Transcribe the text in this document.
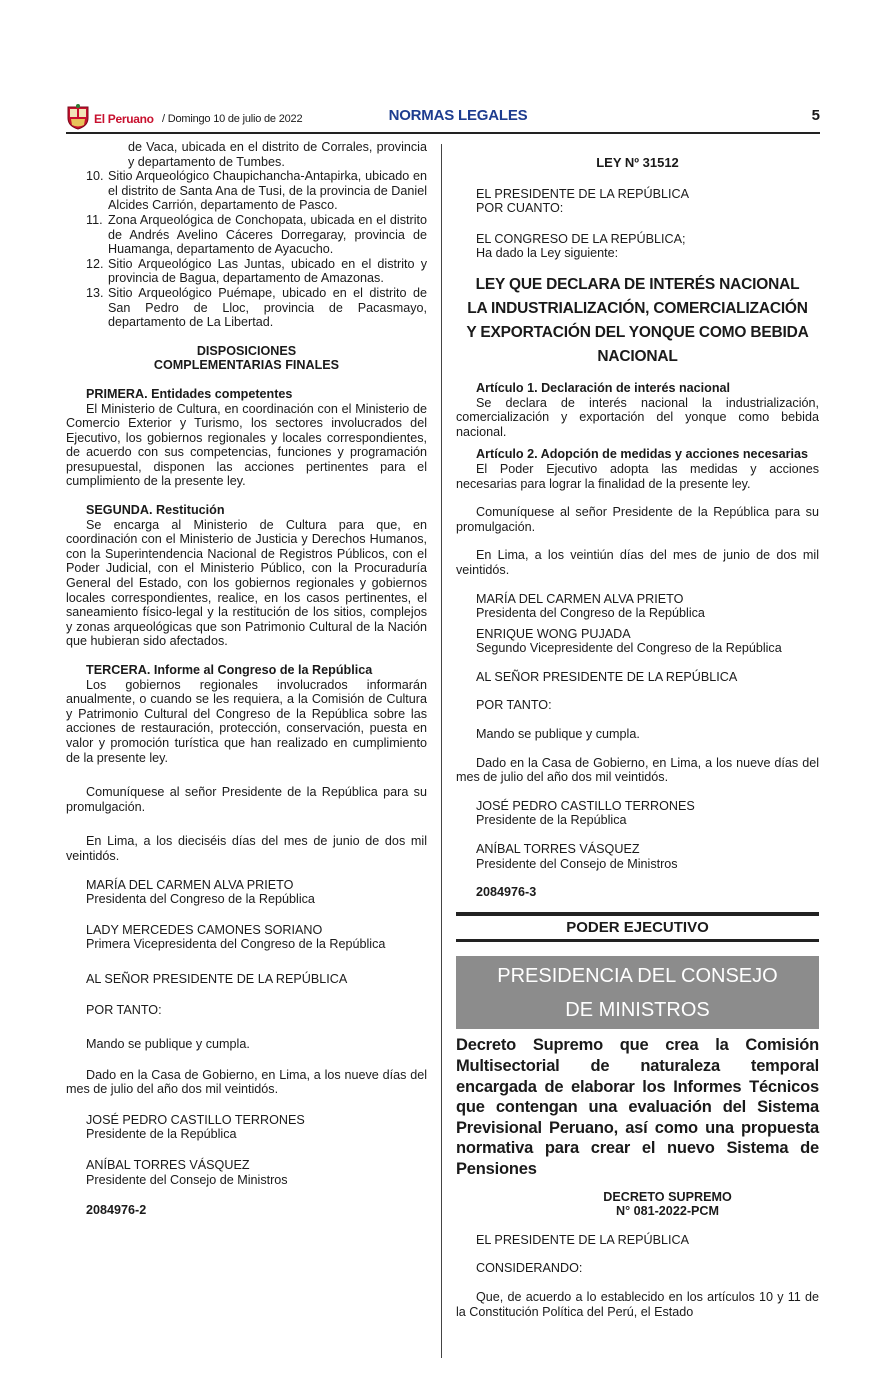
El Peruano / Domingo 10 de julio de 2022	NORMAS LEGALES	5
de Vaca, ubicada en el distrito de Corrales, provincia y departamento de Tumbes.
10. Sitio Arqueológico Chaupichancha-Antapirka, ubicado en el distrito de Santa Ana de Tusi, de la provincia de Daniel Alcides Carrión, departamento de Pasco.
11. Zona Arqueológica de Conchopata, ubicada en el distrito de Andrés Avelino Cáceres Dorregaray, provincia de Huamanga, departamento de Ayacucho.
12. Sitio Arqueológico Las Juntas, ubicado en el distrito y provincia de Bagua, departamento de Amazonas.
13. Sitio Arqueológico Puémape, ubicado en el distrito de San Pedro de Lloc, provincia de Pacasmayo, departamento de La Libertad.
DISPOSICIONES
COMPLEMENTARIAS FINALES
PRIMERA. Entidades competentes

El Ministerio de Cultura, en coordinación con el Ministerio de Comercio Exterior y Turismo, los sectores involucrados del Ejecutivo, los gobiernos regionales y locales correspondientes, de acuerdo con sus competencias, funciones y programación presupuestal, disponen las acciones pertinentes para el cumplimiento de la presente ley.

SEGUNDA. Restitución

Se encarga al Ministerio de Cultura para que, en coordinación con el Ministerio de Justicia y Derechos Humanos, con la Superintendencia Nacional de Registros Públicos, con el Poder Judicial, con el Ministerio Público, con la Procuraduría General del Estado, con los gobiernos regionales y gobiernos locales correspondientes, realice, en los casos pertinentes, el saneamiento físico-legal y la restitución de los sitios, complejos y zonas arqueológicas que son Patrimonio Cultural de la Nación que hubieran sido afectados.

TERCERA. Informe al Congreso de la República

Los gobiernos regionales involucrados informarán anualmente, o cuando se les requiera, a la Comisión de Cultura y Patrimonio Cultural del Congreso de la República sobre las acciones de restauración, protección, conservación, puesta en valor y promoción turística que han realizado en cumplimiento de la presente ley.

Comuníquese al señor Presidente de la República para su promulgación.

En Lima, a los dieciséis días del mes de junio de dos mil veintidós.

MARÍA DEL CARMEN ALVA PRIETO
Presidenta del Congreso de la República
LADY MERCEDES CAMONES SORIANO
Primera Vicepresidenta del Congreso de la República
AL SEÑOR PRESIDENTE DE LA REPÚBLICA
POR TANTO:
Mando se publique y cumpla.

Dado en la Casa de Gobierno, en Lima, a los nueve días del mes de julio del año dos mil veintidós.

JOSÉ PEDRO CASTILLO TERRONES
Presidente de la República
ANÍBAL TORRES VÁSQUEZ
Presidente del Consejo de Ministros
2084976-2
LEY Nº 31512
EL PRESIDENTE DE LA REPÚBLICA
POR CUANTO:
EL CONGRESO DE LA REPÚBLICA;
Ha dado la Ley siguiente:
LEY QUE DECLARA DE INTERÉS NACIONAL LA INDUSTRIALIZACIÓN, COMERCIALIZACIÓN Y EXPORTACIÓN DEL YONQUE COMO BEBIDA NACIONAL
Artículo 1. Declaración de interés nacional

Se declara de interés nacional la industrialización, comercialización y exportación del yonque como bebida nacional.

Artículo 2. Adopción de medidas y acciones necesarias

El Poder Ejecutivo adopta las medidas y acciones necesarias para lograr la finalidad de la presente ley.

Comuníquese al señor Presidente de la República para su promulgación.

En Lima, a los veintiún días del mes de junio de dos mil veintidós.

MARÍA DEL CARMEN ALVA PRIETO
Presidenta del Congreso de la República
ENRIQUE WONG PUJADA
Segundo Vicepresidente del Congreso de la República
AL SEÑOR PRESIDENTE DE LA REPÚBLICA
POR TANTO:
Mando se publique y cumpla.

Dado en la Casa de Gobierno, en Lima, a los nueve días del mes de julio del año dos mil veintidós.

JOSÉ PEDRO CASTILLO TERRONES
Presidente de la República
ANÍBAL TORRES VÁSQUEZ
Presidente del Consejo de Ministros
2084976-3
PODER EJECUTIVO
PRESIDENCIA DEL CONSEJO
DE MINISTROS

Decreto Supremo que crea la Comisión Multisectorial de naturaleza temporal encargada de elaborar los Informes Técnicos que contengan una evaluación del Sistema Previsional Peruano, así como una propuesta normativa para crear el nuevo Sistema de Pensiones

DECRETO SUPREMO
N° 081-2022-PCM
EL PRESIDENTE DE LA REPÚBLICA
CONSIDERANDO:

Que, de acuerdo a lo establecido en los artículos 10 y 11 de la Constitución Política del Perú, el Estado
